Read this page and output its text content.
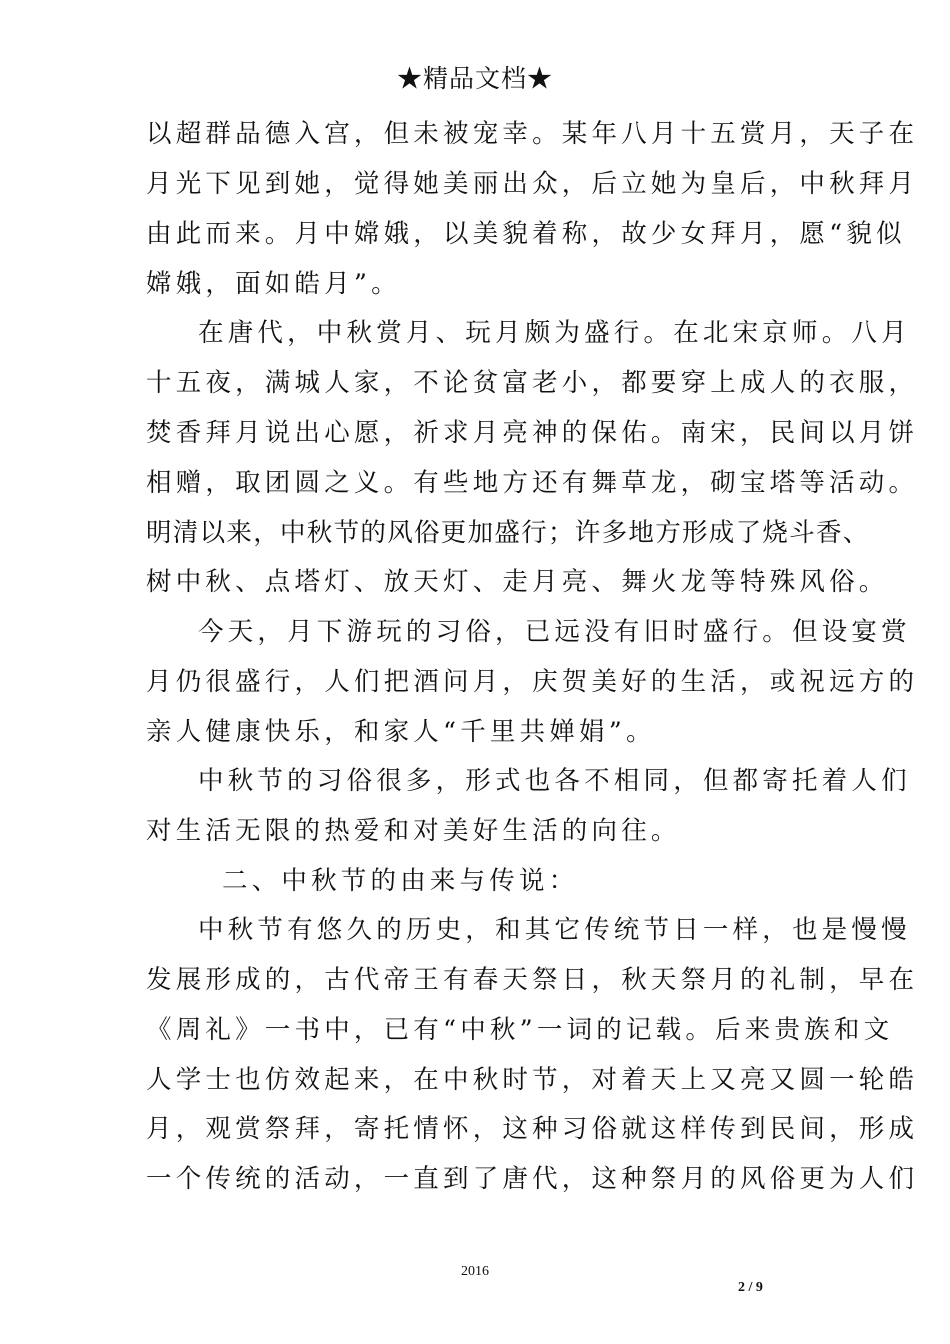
★精品文档★
以超群品德入宫，但未被宠幸。某年八月十五赏月，天子在
月光下见到她，觉得她美丽出众，后立她为皇后，中秋拜月
由此而来。月中嫦娥，以美貌着称，故少女拜月，愿“貌似
嫦娥，面如皓月”。
在唐代，中秋赏月、玩月颇为盛行。在北宋京师。八月
十五夜，满城人家，不论贫富老小，都要穿上成人的衣服，
焚香拜月说出心愿，祈求月亮神的保佑。南宋，民间以月饼
相赠，取团圆之义。有些地方还有舞草龙，砌宝塔等活动。
明清以来，中秋节的风俗更加盛行；许多地方形成了烧斗香、
树中秋、点塔灯、放天灯、走月亮、舞火龙等特殊风俗。
今天，月下游玩的习俗，已远没有旧时盛行。但设宴赏
月仍很盛行，人们把酒问月，庆贺美好的生活，或祝远方的
亲人健康快乐，和家人“千里共婵娟”。
中秋节的习俗很多，形式也各不相同，但都寄托着人们
对生活无限的热爱和对美好生活的向往。
二、中秋节的由来与传说：
中秋节有悠久的历史，和其它传统节日一样，也是慢慢
发展形成的，古代帝王有春天祭日，秋天祭月的礼制，早在
《周礼》一书中，已有“中秋”一词的记载。后来贵族和文
人学士也仿效起来，在中秋时节，对着天上又亮又圆一轮皓
月，观赏祭拜，寄托情怀，这种习俗就这样传到民间，形成
一个传统的活动，一直到了唐代，这种祭月的风俗更为人们
2016
2 / 9
